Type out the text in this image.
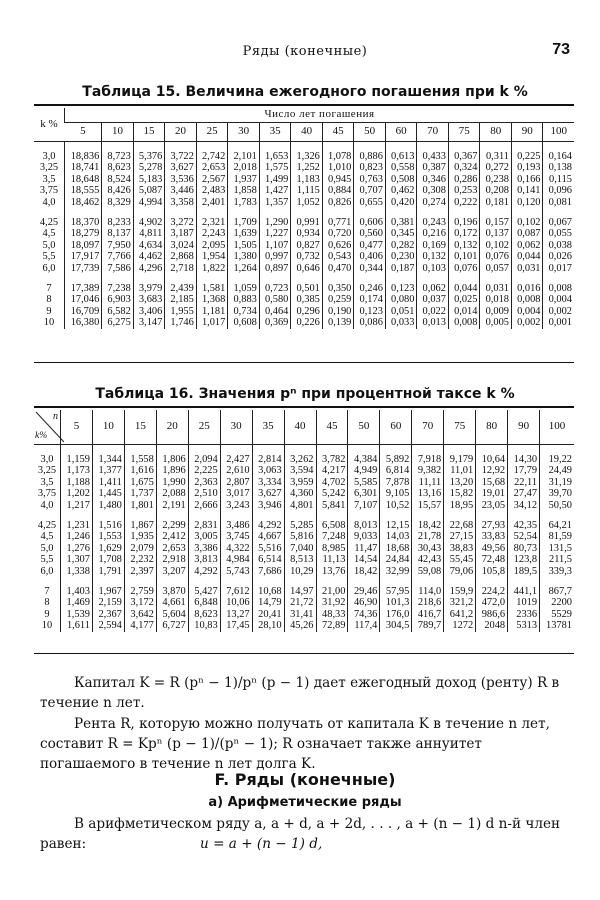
Ряды (конечные)	73
Таблица 15. Величина ежегодного погашения при k %
k %	Число лет погашения															
	5	10	15	20	25	30	35	40	45	50	60	70	75	80	90	100

3,0	18,836	8,723	5,376	3,722	2,742	2,101	1,653	1,326	1,078	0,886	0,613	0,433	0,367	0,311	0,225	0,164
3,25	18,741	8,623	5,278	3,627	2,653	2,018	1,575	1,252	1,010	0,823	0,558	0,387	0,324	0,272	0,193	0,138
3,5	18,648	8,524	5,183	3,536	2,567	1,937	1,499	1,183	0,945	0,763	0,508	0,346	0,286	0,238	0,166	0,115
3,75	18,555	8,426	5,087	3,446	2,483	1,858	1,427	1,115	0,884	0,707	0,462	0,308	0,253	0,208	0,141	0,096
4,0	18,462	8,329	4,994	3,358	2,401	1,783	1,357	1,052	0,826	0,655	0,420	0,274	0,222	0,181	0,120	0,081

4,25	18,370	8,233	4,902	3,272	2,321	1,709	1,290	0,991	0,771	0,606	0,381	0,243	0,196	0,157	0,102	0,067
4,5	18,279	8,137	4,811	3,187	2,243	1,639	1,227	0,934	0,720	0,560	0,345	0,216	0,172	0,137	0,087	0,055
5,0	18,097	7,950	4,634	3,024	2,095	1,505	1,107	0,827	0,626	0,477	0,282	0,169	0,132	0,102	0,062	0,038
5,5	17,917	7,766	4,462	2,868	1,954	1,380	0,997	0,732	0,543	0,406	0,230	0,132	0,101	0,076	0,044	0,026
6,0	17,739	7,586	4,296	2,718	1,822	1,264	0,897	0,646	0,470	0,344	0,187	0,103	0,076	0,057	0,031	0,017

7	17,389	7,238	3,979	2,439	1,581	1,059	0,723	0,501	0,350	0,246	0,123	0,062	0,044	0,031	0,016	0,008
8	17,046	6,903	3,683	2,185	1,368	0,883	0,580	0,385	0,259	0,174	0,080	0,037	0,025	0,018	0,008	0,004
9	16,709	6,582	3,406	1,955	1,181	0,734	0,464	0,296	0,190	0,123	0,051	0,022	0,014	0,009	0,004	0,002
10	16,380	6,275	3,147	1,746	1,017	0,608	0,369	0,226	0,139	0,086	0,033	0,013	0,008	0,005	0,002	0,001
Таблица 16. Значения pⁿ при процентной таксе k %
n
k%	5	10	15	20	25	30	35	40	45	50	60	70	75	80	90	100

3,0	1,159	1,344	1,558	1,806	2,094	2,427	2,814	3,262	3,782	4,384	5,892	7,918	9,179	10,64	14,30	19,22
3,25	1,173	1,377	1,616	1,896	2,225	2,610	3,063	3,594	4,217	4,949	6,814	9,382	11,01	12,92	17,79	24,49
3,5	1,188	1,411	1,675	1,990	2,363	2,807	3,334	3,959	4,702	5,585	7,878	11,11	13,20	15,68	22,11	31,19
3,75	1,202	1,445	1,737	2,088	2,510	3,017	3,627	4,360	5,242	6,301	9,105	13,16	15,82	19,01	27,47	39,70
4,0	1,217	1,480	1,801	2,191	2,666	3,243	3,946	4,801	5,841	7,107	10,52	15,57	18,95	23,05	34,12	50,50

4,25	1,231	1,516	1,867	2,299	2,831	3,486	4,292	5,285	6,508	8,013	12,15	18,42	22,68	27,93	42,35	64,21
4,5	1,246	1,553	1,935	2,412	3,005	3,745	4,667	5,816	7,248	9,033	14,03	21,78	27,15	33,83	52,54	81,59
5,0	1,276	1,629	2,079	2,653	3,386	4,322	5,516	7,040	8,985	11,47	18,68	30,43	38,83	49,56	80,73	131,5
5,5	1,307	1,708	2,232	2,918	3,813	4,984	6,514	8,513	11,13	14,54	24,84	42,43	55,45	72,48	123,8	211,5
6,0	1,338	1,791	2,397	3,207	4,292	5,743	7,686	10,29	13,76	18,42	32,99	59,08	79,06	105,8	189,5	339,3

7	1,403	1,967	2,759	3,870	5,427	7,612	10,68	14,97	21,00	29,46	57,95	114,0	159,9	224,2	441,1	867,7
8	1,469	2,159	3,172	4,661	6,848	10,06	14,79	21,72	31,92	46,90	101,3	218,6	321,2	472,0	1019	2200
9	1,539	2,367	3,642	5,604	8,623	13,27	20,41	31,41	48,33	74,36	176,0	416,7	641,2	986,6	2336	5529
10	1,611	2,594	4,177	6,727	10,83	17,45	28,10	45,26	72,89	117,4	304,5	789,7	1272	2048	5313	13781
Капитал K = R (pⁿ − 1)/pⁿ (p − 1) дает ежегодный доход (ренту) R в течение n лет.
Рента R, которую можно получать от капитала K в течение n лет, составит R = Kpⁿ (p − 1)/(pⁿ − 1); R означает также аннуитет погашаемого в течение n лет долга K.
F. Ряды (конечные)
а) Арифметические ряды
В арифметическом ряду a, a + d, a + 2d, . . . , a + (n − 1) d n-й член равен:	u = a + (n − 1) d,
